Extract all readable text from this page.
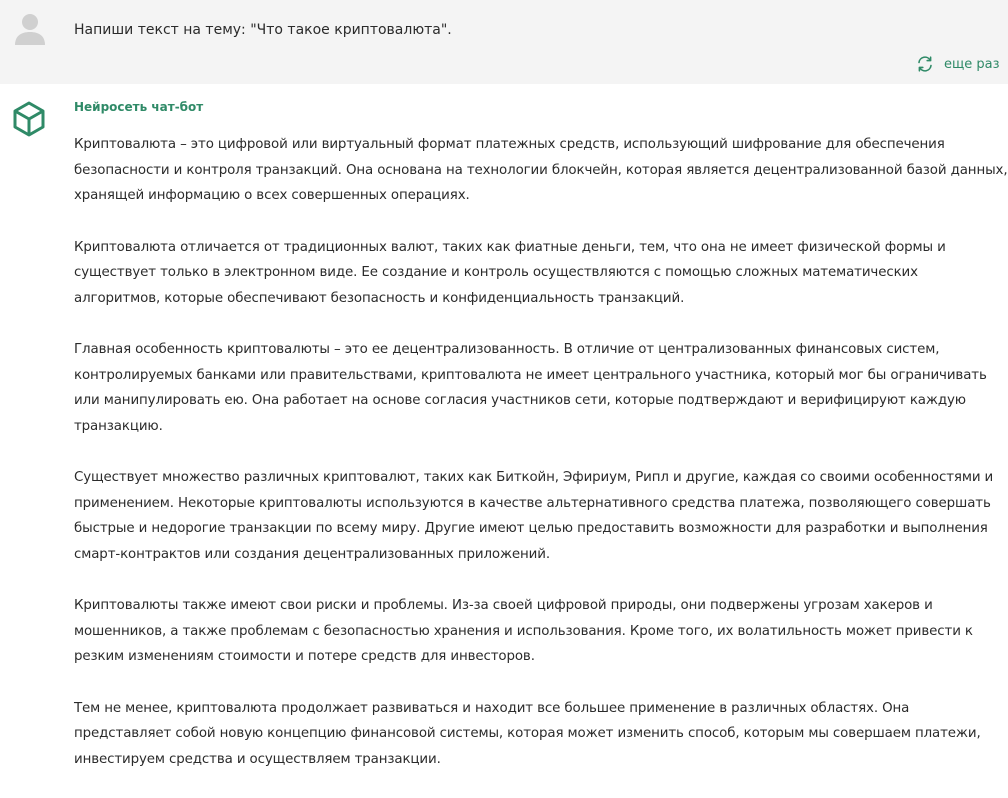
Напиши текст на тему: "Что такое криптовалюта".
еще раз
Нейросеть чат-бот

Криптовалюта – это цифровой или виртуальный формат платежных средств, использующий шифрование для обеспечения безопасности и контроля транзакций. Она основана на технологии блокчейн, которая является децентрализованной базой данных, хранящей информацию о всех совершенных операциях.

Криптовалюта отличается от традиционных валют, таких как фиатные деньги, тем, что она не имеет физической формы и существует только в электронном виде. Ее создание и контроль осуществляются с помощью сложных математических алгоритмов, которые обеспечивают безопасность и конфиденциальность транзакций.

Главная особенность криптовалюты – это ее децентрализованность. В отличие от централизованных финансовых систем, контролируемых банками или правительствами, криптовалюта не имеет центрального участника, который мог бы ограничивать или манипулировать ею. Она работает на основе согласия участников сети, которые подтверждают и верифицируют каждую транзакцию.

Существует множество различных криптовалют, таких как Биткойн, Эфириум, Рипл и другие, каждая со своими особенностями и применением. Некоторые криптовалюты используются в качестве альтернативного средства платежа, позволяющего совершать быстрые и недорогие транзакции по всему миру. Другие имеют целью предоставить возможности для разработки и выполнения смарт-контрактов или создания децентрализованных приложений.

Криптовалюты также имеют свои риски и проблемы. Из-за своей цифровой природы, они подвержены угрозам хакеров и мошенников, а также проблемам с безопасностью хранения и использования. Кроме того, их волатильность может привести к резким изменениям стоимости и потере средств для инвесторов.

Тем не менее, криптовалюта продолжает развиваться и находит все большее применение в различных областях. Она представляет собой новую концепцию финансовой системы, которая может изменить способ, которым мы совершаем платежи, инвестируем средства и осуществляем транзакции.
